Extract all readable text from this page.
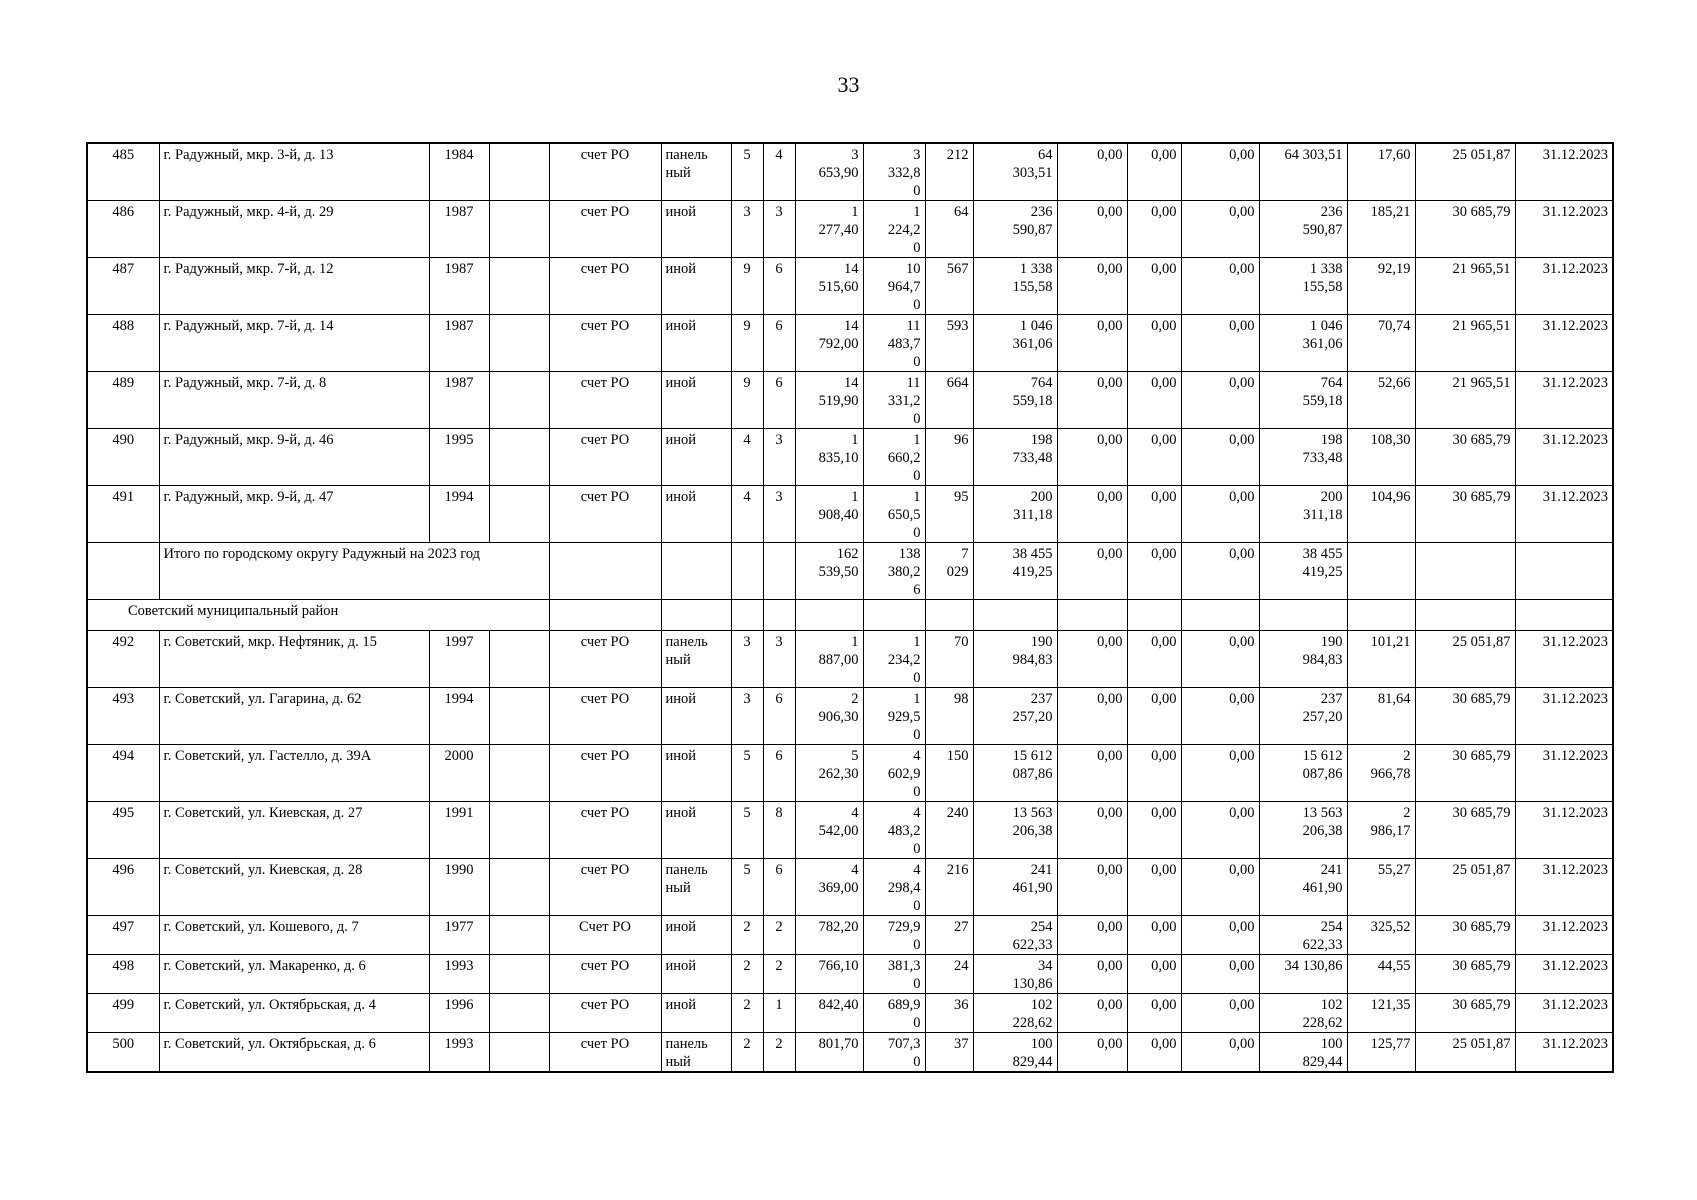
33
485	г. Радужный, мкр. 3-й, д. 13	1984		счет РО	панель
ный	5	4	3
653,90	3
332,8
0	212	64
303,51	0,00	0,00	0,00	64 303,51	17,60	25 051,87	31.12.2023
486	г. Радужный, мкр. 4-й, д. 29	1987		счет РО	иной	3	3	1
277,40	1
224,2
0	64	236
590,87	0,00	0,00	0,00	236
590,87	185,21	30 685,79	31.12.2023
487	г. Радужный, мкр. 7-й, д. 12	1987		счет РО	иной	9	6	14
515,60	10
964,7
0	567	1 338
155,58	0,00	0,00	0,00	1 338
155,58	92,19	21 965,51	31.12.2023
488	г. Радужный, мкр. 7-й, д. 14	1987		счет РО	иной	9	6	14
792,00	11
483,7
0	593	1 046
361,06	0,00	0,00	0,00	1 046
361,06	70,74	21 965,51	31.12.2023
489	г. Радужный, мкр. 7-й, д. 8	1987		счет РО	иной	9	6	14
519,90	11
331,2
0	664	764
559,18	0,00	0,00	0,00	764
559,18	52,66	21 965,51	31.12.2023
490	г. Радужный, мкр. 9-й, д. 46	1995		счет РО	иной	4	3	1
835,10	1
660,2
0	96	198
733,48	0,00	0,00	0,00	198
733,48	108,30	30 685,79	31.12.2023
491	г. Радужный, мкр. 9-й, д. 47	1994		счет РО	иной	4	3	1
908,40	1
650,5
0	95	200
311,18	0,00	0,00	0,00	200
311,18	104,96	30 685,79	31.12.2023
	Итого по городскому округу Радужный на 2023 год							162
539,50	138
380,2
6	7
029	38 455
419,25	0,00	0,00	0,00	38 455
419,25			
Советский муниципальный район																		
492	г. Советский, мкр. Нефтяник, д. 15	1997		счет РО	панель
ный	3	3	1
887,00	1
234,2
0	70	190
984,83	0,00	0,00	0,00	190
984,83	101,21	25 051,87	31.12.2023
493	г. Советский, ул. Гагарина, д. 62	1994		счет РО	иной	3	6	2
906,30	1
929,5
0	98	237
257,20	0,00	0,00	0,00	237
257,20	81,64	30 685,79	31.12.2023
494	г. Советский, ул. Гастелло, д. 39А	2000		счет РО	иной	5	6	5
262,30	4
602,9
0	150	15 612
087,86	0,00	0,00	0,00	15 612
087,86	2
966,78	30 685,79	31.12.2023
495	г. Советский, ул. Киевская, д. 27	1991		счет РО	иной	5	8	4
542,00	4
483,2
0	240	13 563
206,38	0,00	0,00	0,00	13 563
206,38	2
986,17	30 685,79	31.12.2023
496	г. Советский, ул. Киевская, д. 28	1990		счет РО	панель
ный	5	6	4
369,00	4
298,4
0	216	241
461,90	0,00	0,00	0,00	241
461,90	55,27	25 051,87	31.12.2023
497	г. Советский, ул. Кошевого, д. 7	1977		Счет РО	иной	2	2	782,20	729,9
0	27	254
622,33	0,00	0,00	0,00	254
622,33	325,52	30 685,79	31.12.2023
498	г. Советский, ул. Макаренко, д. 6	1993		счет РО	иной	2	2	766,10	381,3
0	24	34
130,86	0,00	0,00	0,00	34 130,86	44,55	30 685,79	31.12.2023
499	г. Советский, ул. Октябрьская, д. 4	1996		счет РО	иной	2	1	842,40	689,9
0	36	102
228,62	0,00	0,00	0,00	102
228,62	121,35	30 685,79	31.12.2023
500	г. Советский, ул. Октябрьская, д. 6	1993		счет РО	панель
ный	2	2	801,70	707,3
0	37	100
829,44	0,00	0,00	0,00	100
829,44	125,77	25 051,87	31.12.2023
